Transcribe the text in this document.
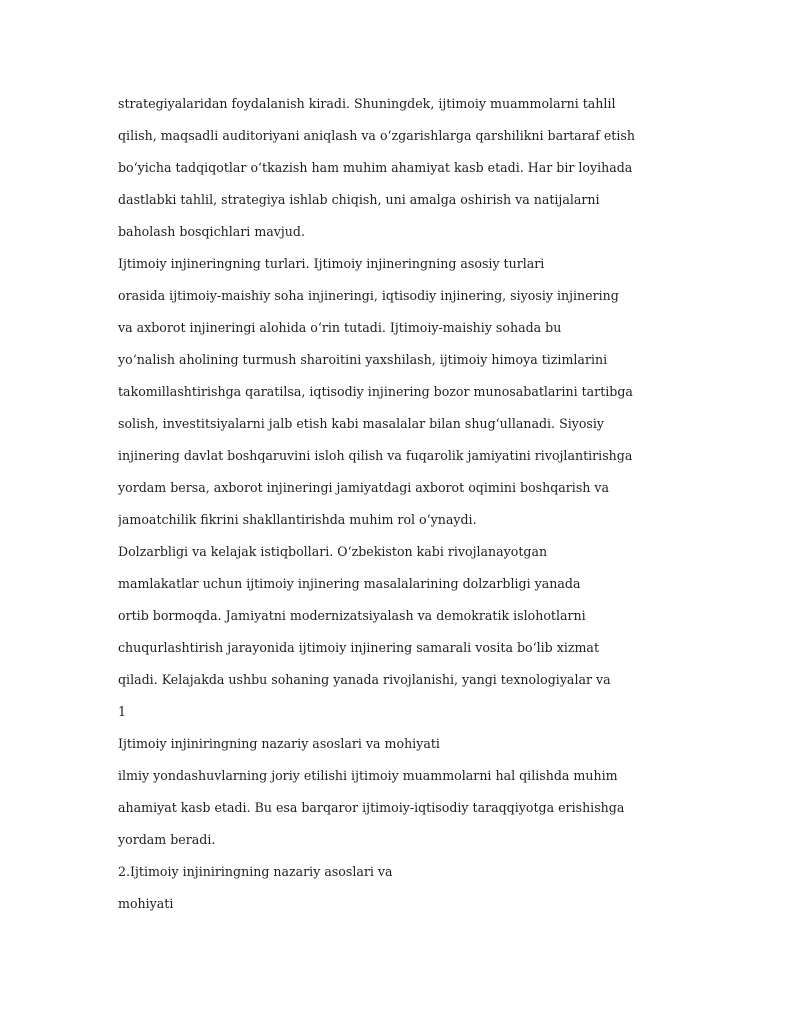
strategiyalaridan foydalanish kiradi. Shuningdek, ijtimoiy muammolarni tahlil
qilish, maqsadli auditoriyani aniqlash va o‘zgarishlarga qarshilikni bartaraf etish
bo‘yicha tadqiqotlar o‘tkazish ham muhim ahamiyat kasb etadi. Har bir loyihada
dastlabki tahlil, strategiya ishlab chiqish, uni amalga oshirish va natijalarni
baholash bosqichlari mavjud.
Ijtimoiy injineringning turlari. Ijtimoiy injineringning asosiy turlari
orasida ijtimoiy-maishiy soha injineringi, iqtisodiy injinering, siyosiy injinering
va axborot injineringi alohida o‘rin tutadi. Ijtimoiy-maishiy sohada bu
yo‘nalish aholining turmush sharoitini yaxshilash, ijtimoiy himoya tizimlarini
takomillashtirishga qaratilsa, iqtisodiy injinering bozor munosabatlarini tartibga
solish, investitsiyalarni jalb etish kabi masalalar bilan shug‘ullanadi. Siyosiy
injinering davlat boshqaruvini isloh qilish va fuqarolik jamiyatini rivojlantirishga
yordam bersa, axborot injineringi jamiyatdagi axborot oqimini boshqarish va
jamoatchilik fikrini shakllantirishda muhim rol o‘ynaydi.
Dolzarbligi va kelajak istiqbollari. O‘zbekiston kabi rivojlanayotgan
mamlakatlar uchun ijtimoiy injinering masalalarining dolzarbligi yanada
ortib bormoqda. Jamiyatni modernizatsiyalash va demokratik islohotlarni
chuqurlashtirish jarayonida ijtimoiy injinering samarali vosita bo‘lib xizmat
qiladi. Kelajakda ushbu sohaning yanada rivojlanishi, yangi texnologiyalar va
1
Ijtimoiy injiniringning nazariy asoslari va mohiyati
ilmiy yondashuvlarning joriy etilishi ijtimoiy muammolarni hal qilishda muhim
ahamiyat kasb etadi. Bu esa barqaror ijtimoiy-iqtisodiy taraqqiyotga erishishga
yordam beradi.
2.Ijtimoiy injiniringning nazariy asoslari va
mohiyati
